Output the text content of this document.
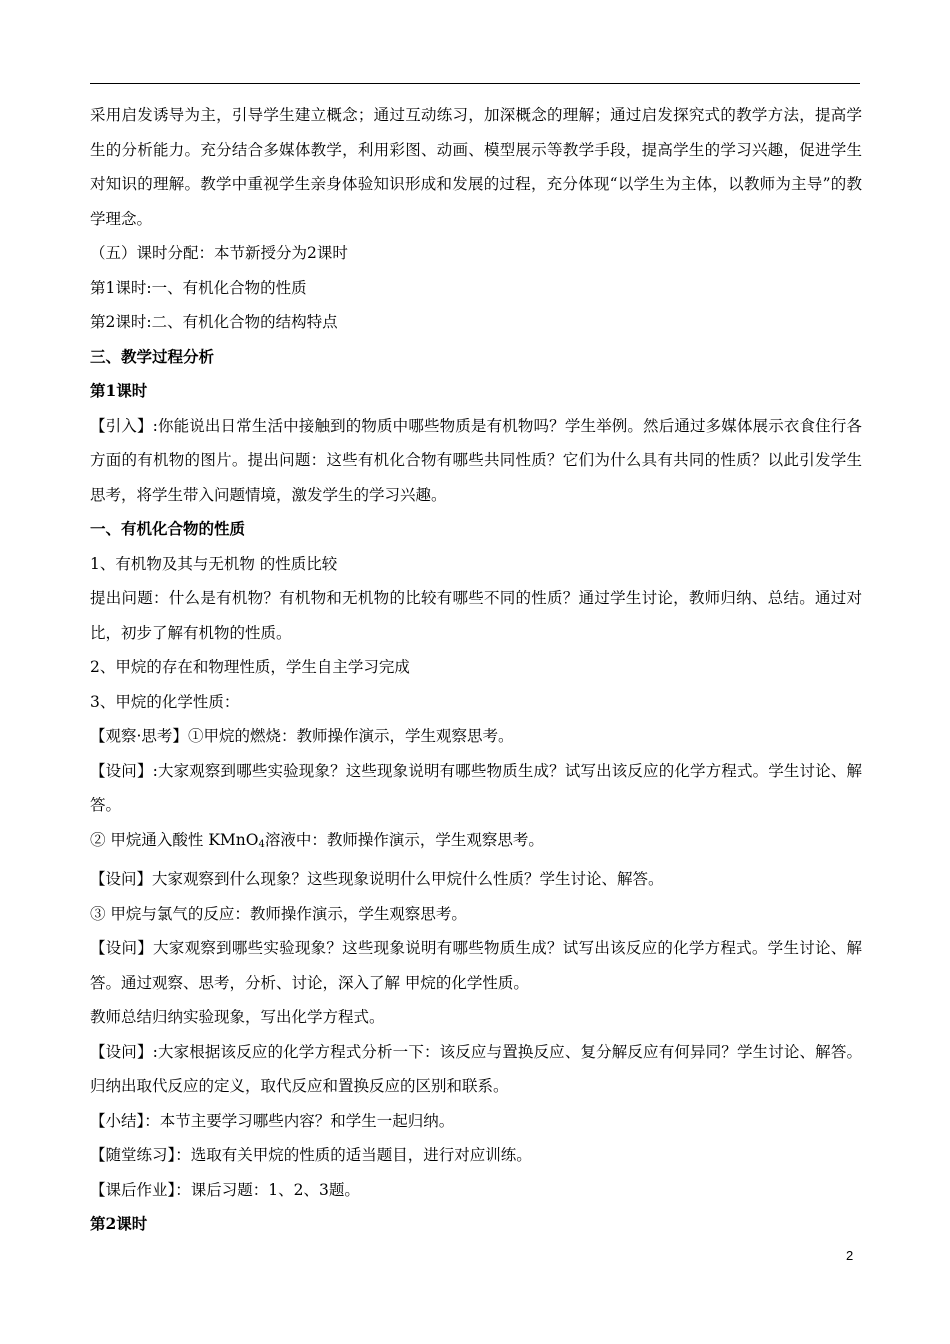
采用启发诱导为主，引导学生建立概念；通过互动练习，加深概念的理解；通过启发探究式的教学方法，提高学生的分析能力。充分结合多媒体教学，利用彩图、动画、模型展示等教学手段，提高学生的学习兴趣，促进学生对知识的理解。教学中重视学生亲身体验知识形成和发展的过程，充分体现“以学生为主体，以教师为主导”的教学理念。

（五）课时分配：本节新授分为2课时

第1课时:一、有机化合物的性质

第2课时:二、有机化合物的结构特点

三、教学过程分析

第1课时

【引入】:你能说出日常生活中接触到的物质中哪些物质是有机物吗？学生举例。然后通过多媒体展示衣食住行各方面的有机物的图片。提出问题：这些有机化合物有哪些共同性质？它们为什么具有共同的性质？以此引发学生思考，将学生带入问题情境，激发学生的学习兴趣。

一、有机化合物的性质

1、有机物及其与无机物 的性质比较

提出问题：什么是有机物？有机物和无机物的比较有哪些不同的性质？通过学生讨论，教师归纳、总结。通过对比，初步了解有机物的性质。

2、甲烷的存在和物理性质，学生自主学习完成

3、甲烷的化学性质：

【观察·思考】①甲烷的燃烧：教师操作演示，学生观察思考。

【设问】:大家观察到哪些实验现象？这些现象说明有哪些物质生成？试写出该反应的化学方程式。学生讨论、解答。

② 甲烷通入酸性 KMnO$_4$溶液中：教师操作演示，学生观察思考。

【设问】大家观察到什么现象？这些现象说明什么甲烷什么性质？学生讨论、解答。

③ 甲烷与氯气的反应：教师操作演示，学生观察思考。

【设问】大家观察到哪些实验现象？这些现象说明有哪些物质生成？试写出该反应的化学方程式。学生讨论、解答。通过观察、思考，分析、讨论，深入了解 甲烷的化学性质。

教师总结归纳实验现象，写出化学方程式。

【设问】:大家根据该反应的化学方程式分析一下：该反应与置换反应、复分解反应有何异同？学生讨论、解答。归纳出取代反应的定义，取代反应和置换反应的区别和联系。

【小结】：本节主要学习哪些内容？和学生一起归纳。

【随堂练习】：选取有关甲烷的性质的适当题目，进行对应训练。

【课后作业】：课后习题：1、2、3题。

第2课时

2
